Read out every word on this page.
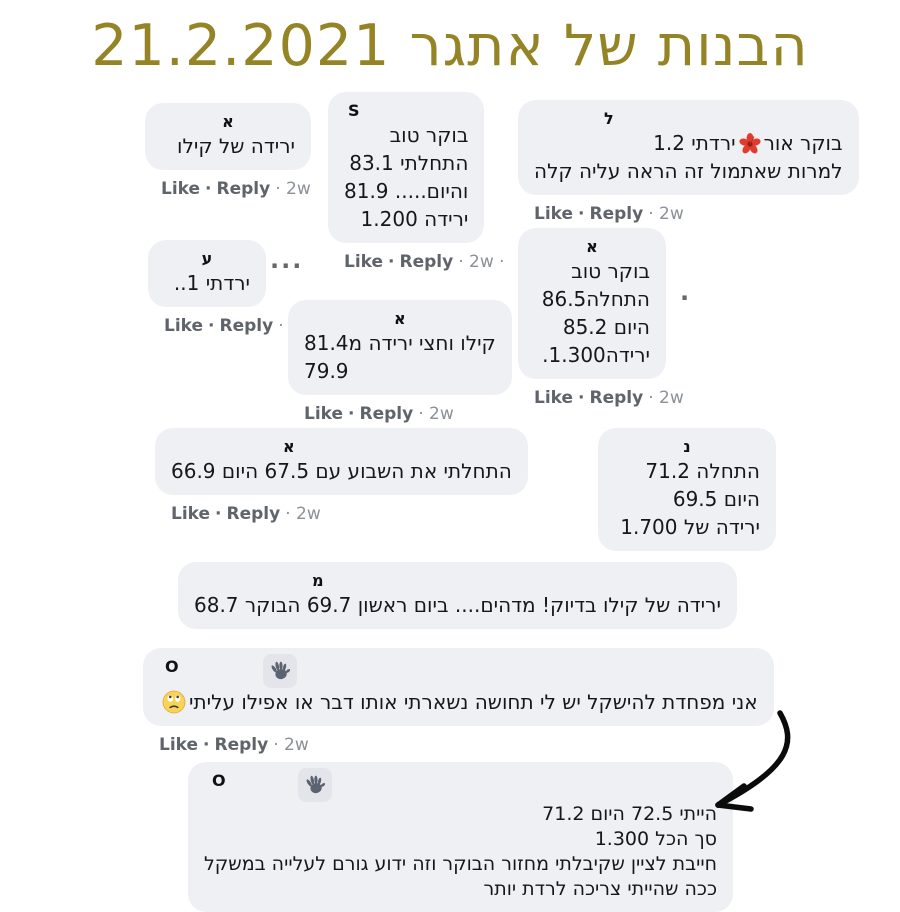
הבנות של אתגר 21.2.2021
א
ירידה של קילו
Like · Reply · 2w
S
בוקר טוב
התחלתי 83.1
והיום..... 81.9
ירידה 1.200
Like · Reply · 2w ·
ל
בוקר אורירדתי 1.2
למרות שאתמול זה הראה עליה קלה
Like · Reply · 2w
ע
ירדתי 1..
Like · Reply ·
...
א
קילו וחצי ירידה מ81.4
79.9
Like · Reply · 2w
א
בוקר טוב
התחלה86.5
היום 85.2
ירידה1.300.
Like · Reply · 2w
·
א
התחלתי את השבוע עם 67.5 היום 66.9
Like · Reply · 2w
נ
התחלה 71.2
היום 69.5
ירידה של 1.700
מ
ירידה של קילו בדיוק! מדהים.... ביום ראשון 69.7 הבוקר 68.7
O
אני מפחדת להישקל יש לי תחושה נשארתי אותו דבר או אפילו עליתי
Like · Reply · 2w
O
הייתי 72.5 היום 71.2
סך הכל 1.300
חייבת לציין שקיבלתי מחזור הבוקר וזה ידוע גורם לעלייה במשקל
ככה שהייתי צריכה לרדת יותר
